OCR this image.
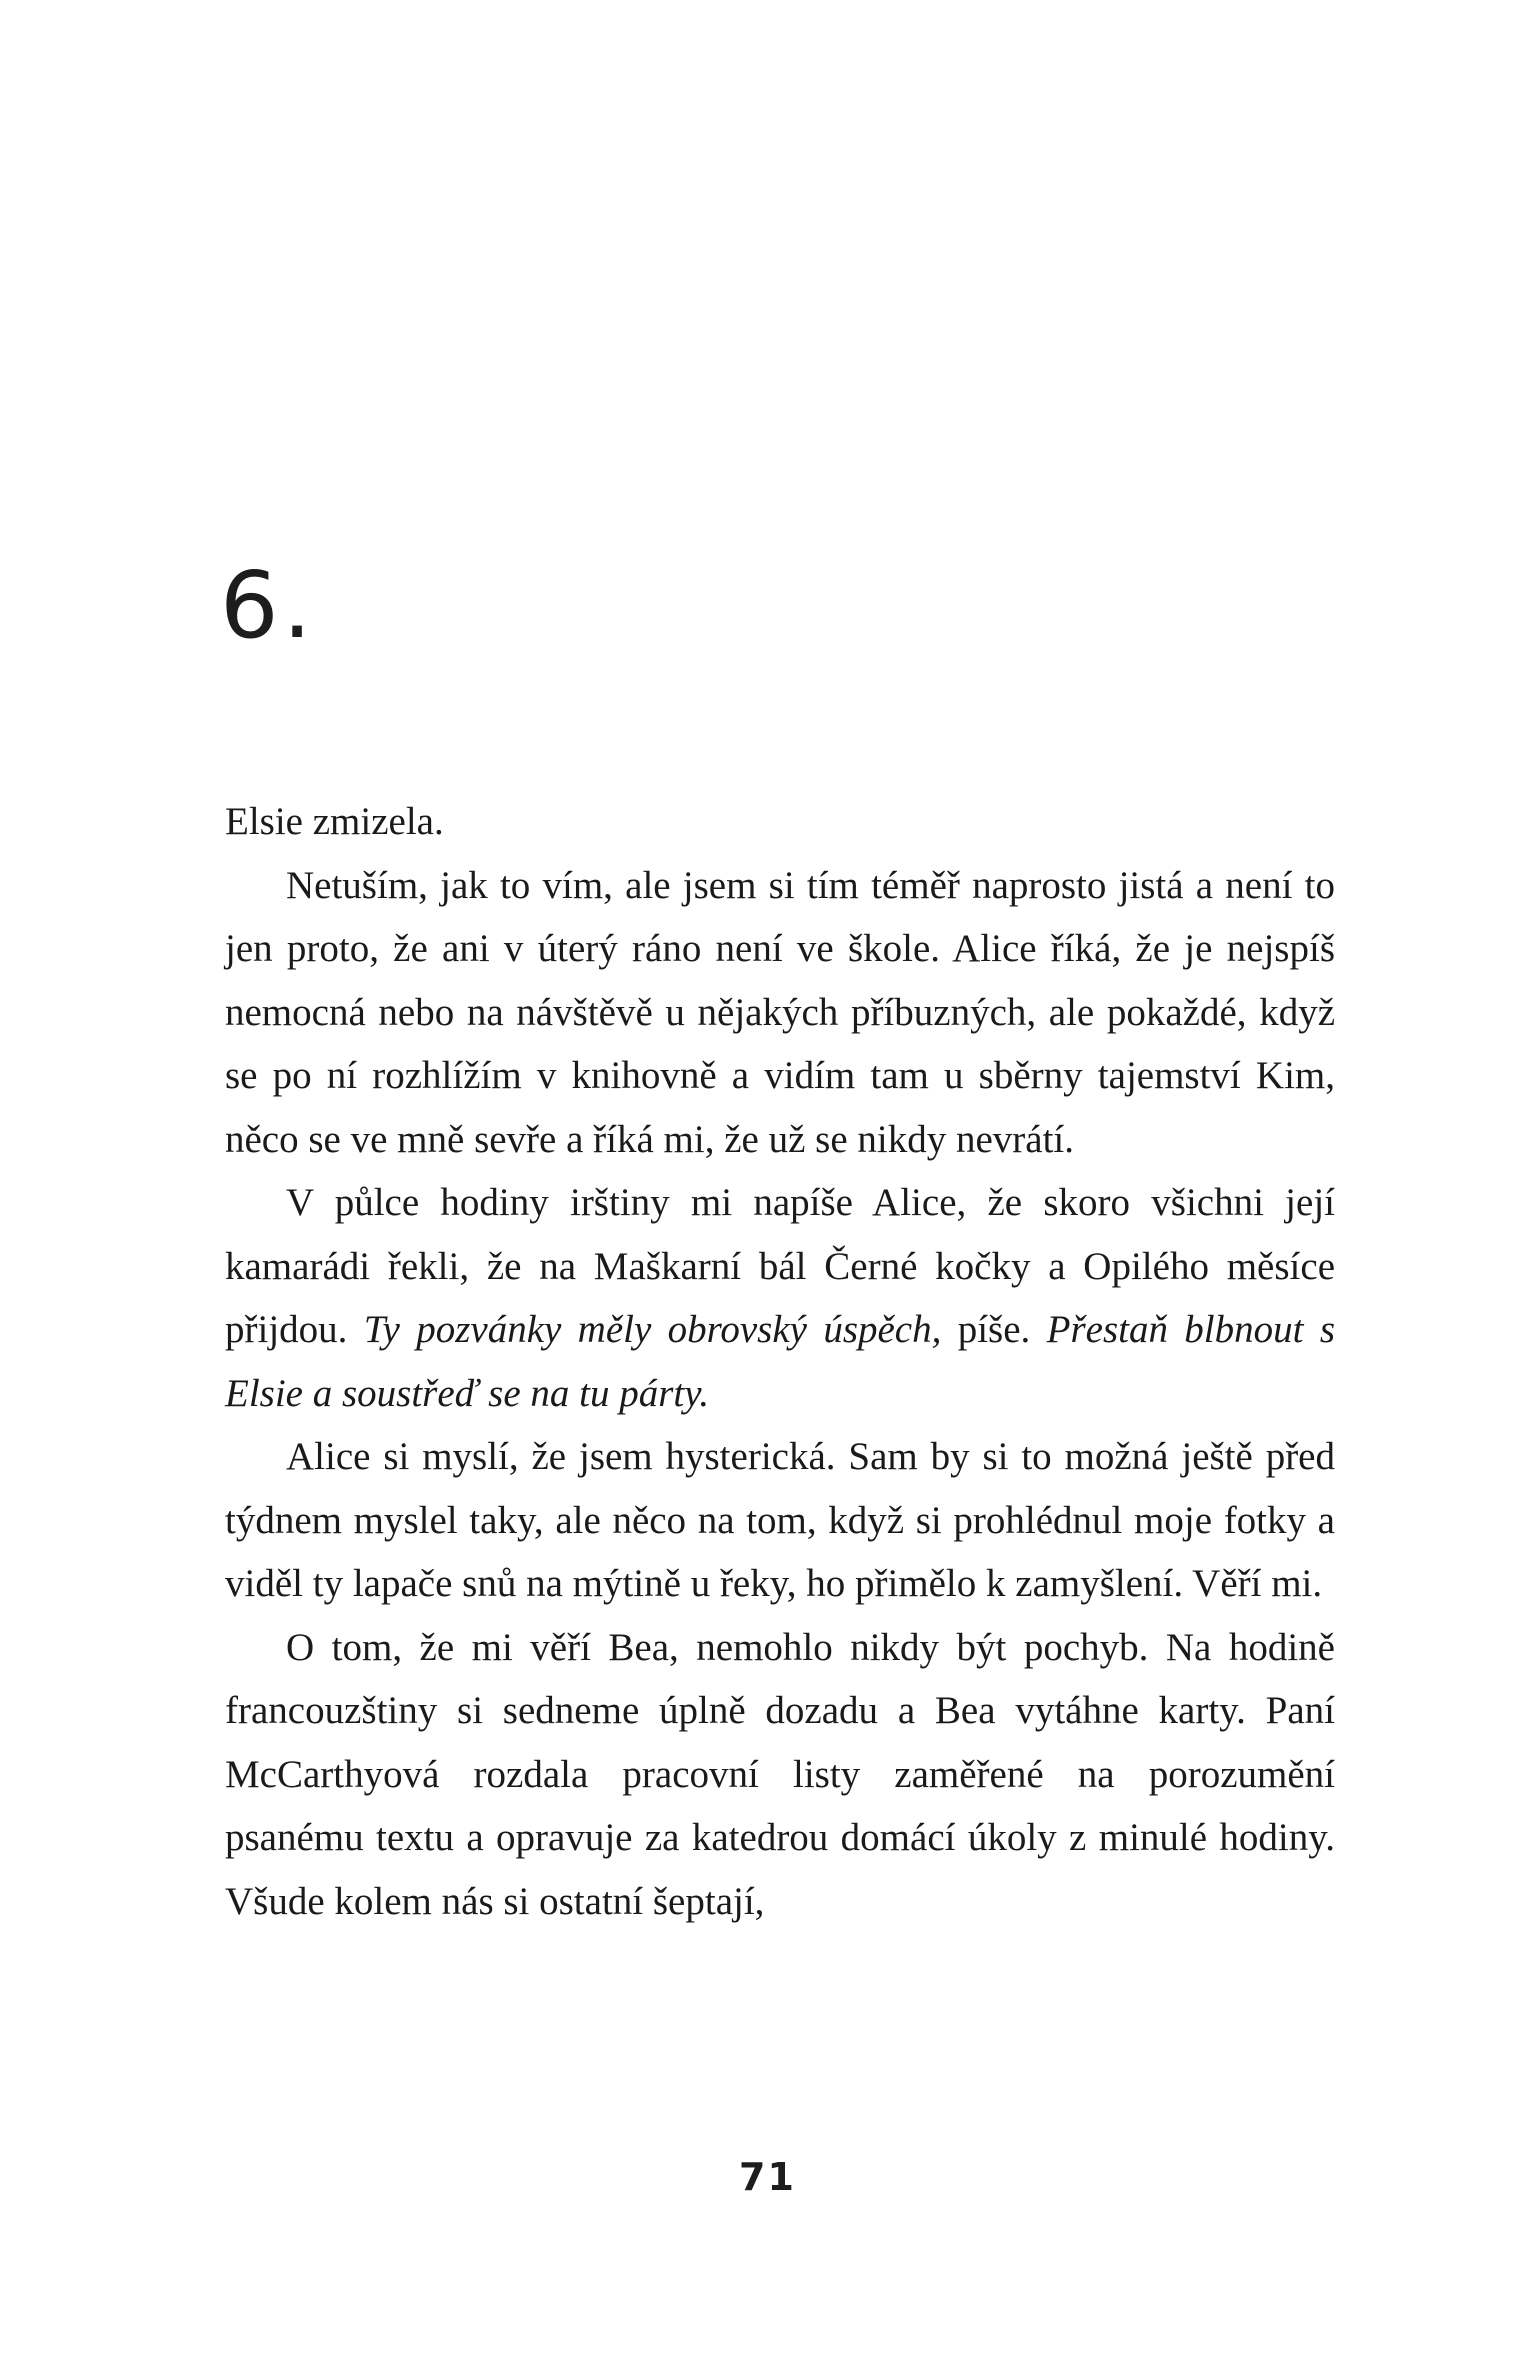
6.

Elsie zmizela.

Netuším, jak to vím, ale jsem si tím téměř naprosto jistá a není to jen proto, že ani v úterý ráno není ve škole. Alice říká, že je nejspíš nemocná nebo na návštěvě u nějakých příbuzných, ale pokaždé, když se po ní rozhlížím v knihovně a vidím tam u sběrny tajemství Kim, něco se ve mně sevře a říká mi, že už se nikdy nevrátí.

V půlce hodiny irštiny mi napíše Alice, že skoro všichni její kamarádi řekli, že na Maškarní bál Černé kočky a Opilého měsíce přijdou. Ty pozvánky měly obrovský úspěch, píše. Přestaň blbnout s Elsie a soustřeď se na tu párty.

Alice si myslí, že jsem hysterická. Sam by si to možná ještě před týdnem myslel taky, ale něco na tom, když si prohlédnul moje fotky a viděl ty lapače snů na mýtině u řeky, ho přimělo k zamyšlení. Věří mi.

O tom, že mi věří Bea, nemohlo nikdy být pochyb. Na hodině francouzštiny si sedneme úplně dozadu a Bea vytáhne karty. Paní McCarthyová rozdala pracovní listy zaměřené na porozumění psanému textu a opravuje za katedrou domácí úkoly z minulé hodiny. Všude kolem nás si ostatní šeptají,

71
